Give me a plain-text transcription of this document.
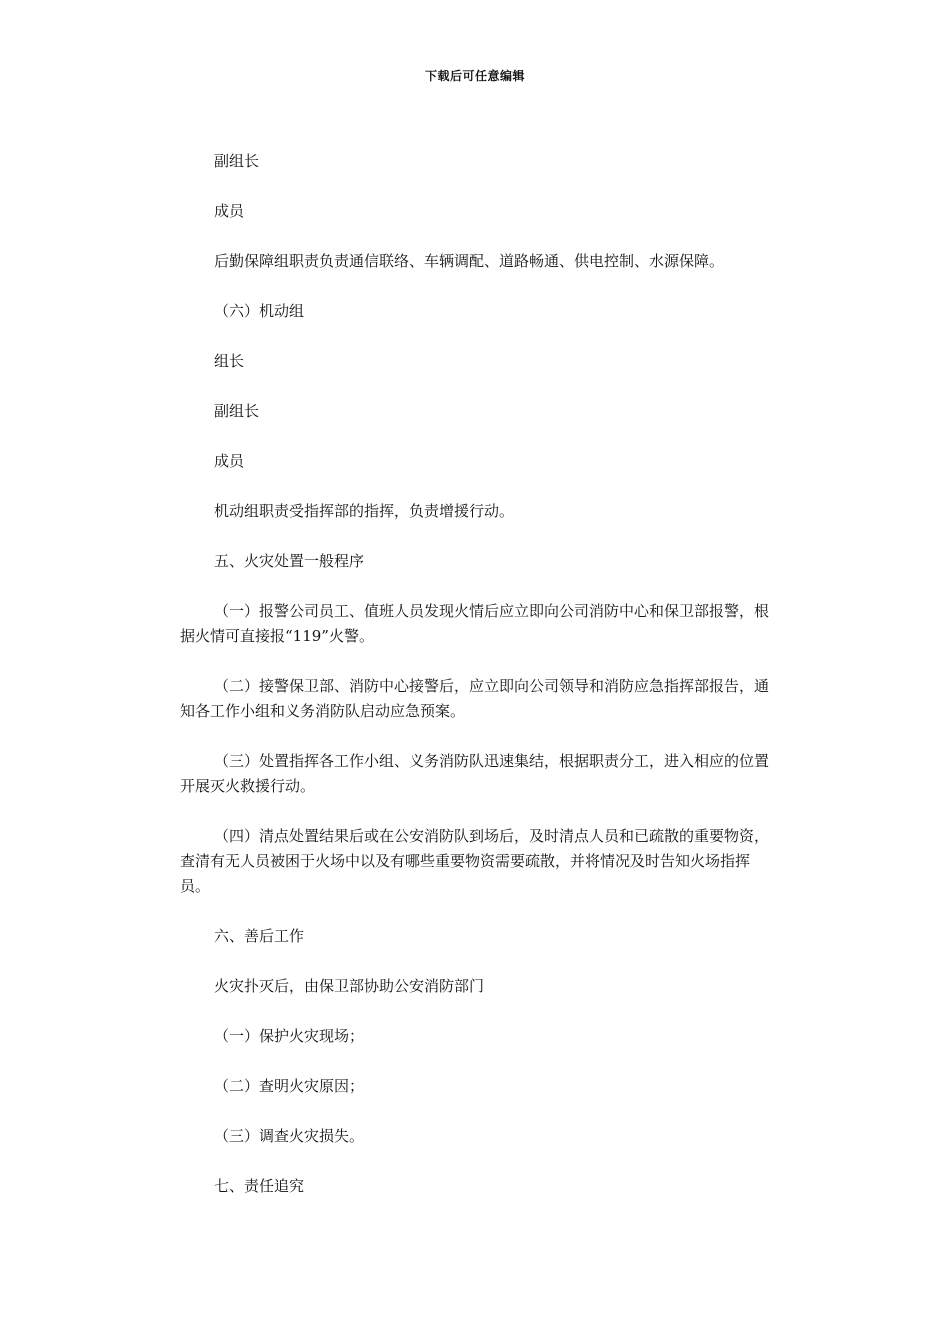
下载后可任意编辑

副组长

成员

后勤保障组职责负责通信联络、车辆调配、道路畅通、供电控制、水源保障。

（六）机动组

组长

副组长

成员

机动组职责受指挥部的指挥，负责增援行动。

五、火灾处置一般程序

（一）报警公司员工、值班人员发现火情后应立即向公司消防中心和保卫部报警，根据火情可直接报“119”火警。

（二）接警保卫部、消防中心接警后，应立即向公司领导和消防应急指挥部报告，通知各工作小组和义务消防队启动应急预案。

（三）处置指挥各工作小组、义务消防队迅速集结，根据职责分工，进入相应的位置开展灭火救援行动。

（四）清点处置结果后或在公安消防队到场后，及时清点人员和已疏散的重要物资，查清有无人员被困于火场中以及有哪些重要物资需要疏散，并将情况及时告知火场指挥员。

六、善后工作

火灾扑灭后，由保卫部协助公安消防部门

（一）保护火灾现场；

（二）查明火灾原因；

（三）调查火灾损失。

七、责任追究
